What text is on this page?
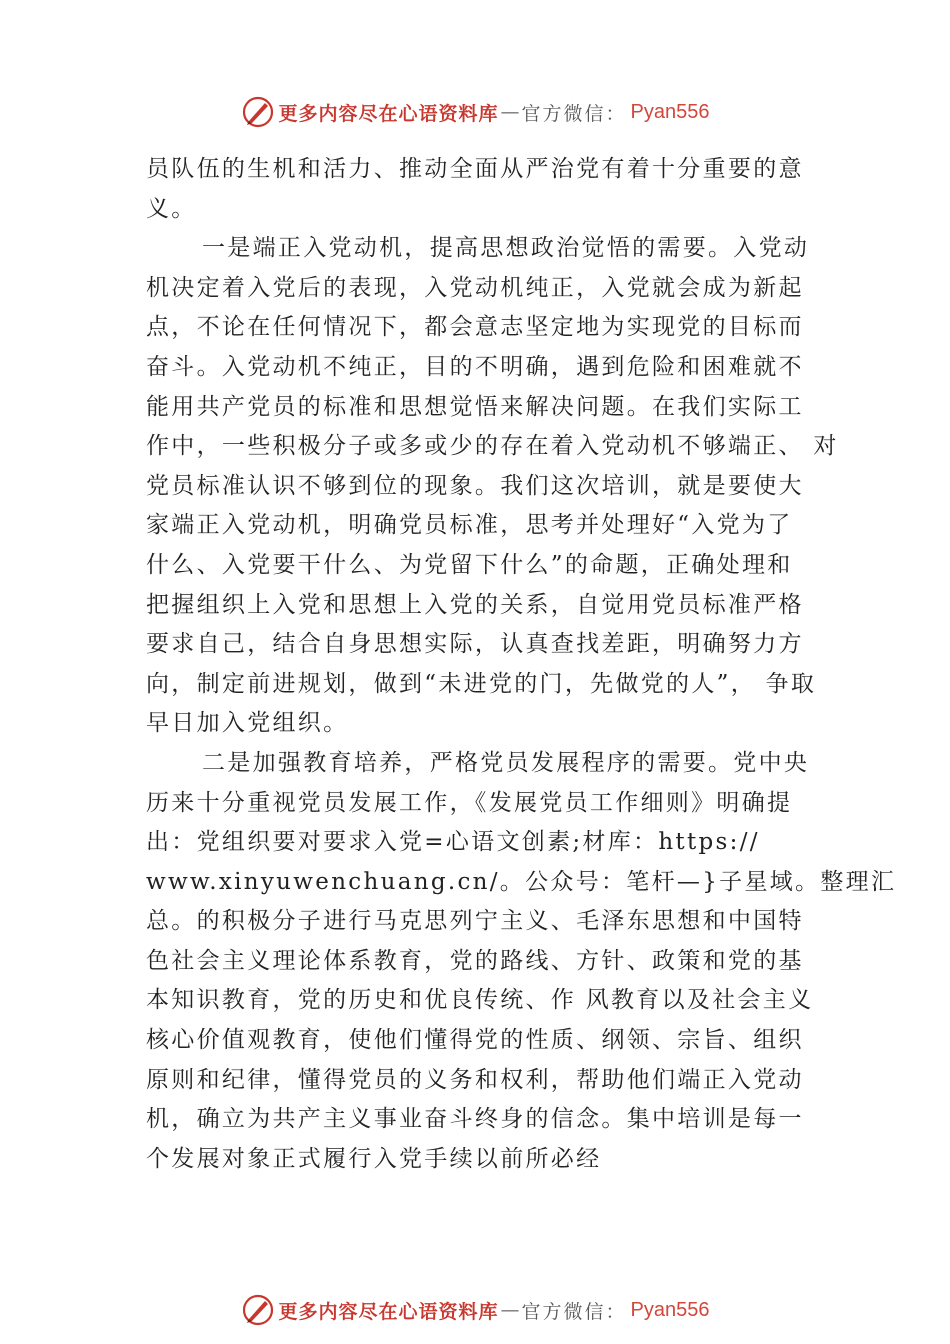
更多内容尽在心语资料库 — 官方微信： Pyan556
员队伍的生机和活力、推动全面从严治党有着十分重要的意
义。
一是端正入党动机，提高思想政治觉悟的需要。入党动
机决定着入党后的表现，入党动机纯正，入党就会成为新起
点，不论在任何情况下，都会意志坚定地为实现党的目标而
奋斗。入党动机不纯正，目的不明确，遇到危险和困难就不
能用共产党员的标准和思想觉悟来解决问题。在我们实际工
作中，一些积极分子或多或少的存在着入党动机不够端正、 对
党员标准认识不够到位的现象。我们这次培训，就是要使大
家端正入党动机，明确党员标准，思考并处理好“入党为了
什么、入党要干什么、为党留下什么”的命题，正确处理和
把握组织上入党和思想上入党的关系，自觉用党员标准严格
要求自己，结合自身思想实际，认真查找差距，明确努力方
向，制定前进规划，做到“未进党的门，先做党的人”， 争取
早日加入党组织。
二是加强教育培养，严格党员发展程序的需要。党中央
历来十分重视党员发展工作，《发展党员工作细则》明确提
出：党组织要对要求入党=心语文创素;材库：https://
www.xinyuwenchuang.cn/。公众号：笔杆—}子星域。整理汇
总。的积极分子进行马克思列宁主义、毛泽东思想和中国特
色社会主义理论体系教育，党的路线、方针、政策和党的基
本知识教育，党的历史和优良传统、作 风教育以及社会主义
核心价值观教育，使他们懂得党的性质、纲领、宗旨、组织
原则和纪律，懂得党员的义务和权利，帮助他们端正入党动
机，确立为共产主义事业奋斗终身的信念。集中培训是每一
个发展对象正式履行入党手续以前所必经
更多内容尽在心语资料库 — 官方微信： Pyan556
